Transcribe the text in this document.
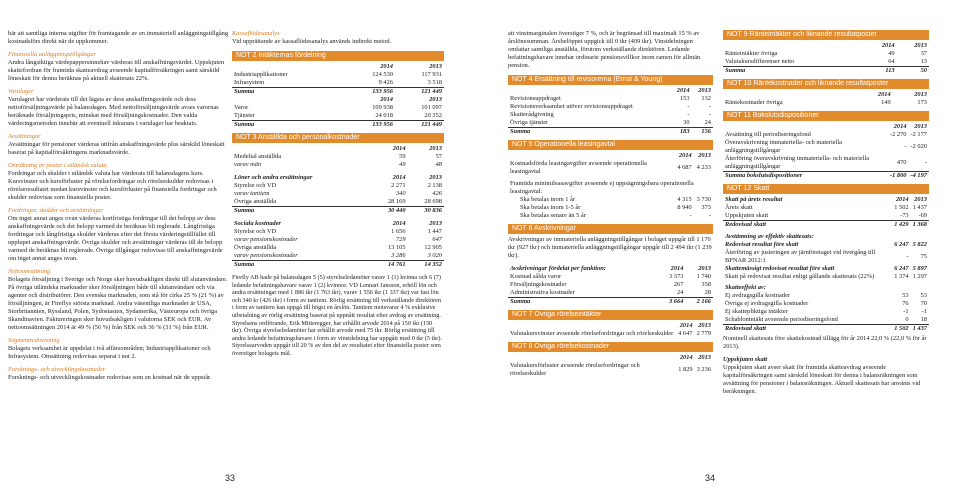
bär att samtliga interna utgifter för framtagande av en immateriell anläggningstillgång kostnadsförs direkt när de uppkommer.

Finansiella anläggningstillgångar

Andra långsiktiga värdepappersinnehav värderas till anskaffningsvärdet. Uppskjuten skattefordran för framtida skatteavdrag avseende kapitalförsäkringen samt särskild löneskatt för denna beräknas på aktuell skattesats 22%.

Varulager

Varulagret har värderats till det lägsta av dess anskaffningsvärde och dess nettoförsäljningsvärde på balansdagen. Med nettoförsäljningsvärde avses varornas beräknade försäljningspris, minskat med försäljningskostnader. Den valda värderingsmetoden innebär att eventuell inkurans i varulager har beaktats.

Avsättningar

Avsättningar för pensioner värderas utifrån anskaffningsvärde plus särskild löneskatt baserat på kapitalförsäkringens marknadsvärde.

Omräkning av poster i utländsk valuta

Fordringar och skulder i utländsk valuta har värderats till balansdagens kurs. Kursvinster och kursförluster på rörelsefordringar och rörelseskulder redovisas i rörelseresultatet medan kursvinster och kursförluster på finansiella fordringar och skulder redovisas som finansiella poster.

Fordringar, skulder och avsättningar

Om inget annat anges ovan värderas kortfristiga fordringar till det belopp av dess anskaffningsvärde och det belopp varmed de beräknas bli reglerade. Långfristiga fordringar och långfristiga skulder värderas efter det första värderingstillfället till upplupet anskaffningsvärde. Övriga skulder och avsättningar värderas till de belopp varmed de beräknas bli reglerade. Övriga tillgångar redovisas till anskaffningsvärde om inget annat anges ovan.

Nettoomsättning

Bolagets försäljning i Sverige och Norge sker huvudsakligen direkt till slutanvändare. På övriga utländska marknader sker försäljningen både till slutanvändare och via agenter och distributörer. Den svenska marknaden, som stå för cirka 25 % (21 %) av försäljningen, är Fireflys största marknad. Andra väsentliga marknader är USA, Storbritannien, Ryssland, Polen, Sydostasien, Sydamerika, Västeuropa och övriga Skandinavien. Faktureringen sker huvudsakligen i valutorna SEK och EUR. Av nettoomsättningen 2014 är 49 % (56 %) från SEK och 36 % (31 %) från EUR.

Segmentredovisning

Bolagets verksamhet är uppdelat i två affärsområden; Industriapplikationer och Infrasystem. Omsättning redovisas separat i not 2.

Forsknings- och utvecklingskostnader

Forsknings- och utvecklingskostnader redovisas som en kostnad när de uppstår.

Kassaflödesanalys

Vid upprättande av kassaflödesanalys används indirekt metod.

NOT 2 Intäkternas fördelning
	2014	2013
Industriapplikationer	124 530	117 931
Infrasystem	9 426	3 518
Summa	133 956	121 449
	2014	2013
Varor	109 938	101 097
Tjänster	24 018	20 352
Summa	133 956	121 449
NOT 3 Anställda och personalkostnader
	2014	2013
Medeltal anställda	59	57
varav män	49	48

Löner och andra ersättningar	2014	2013
Styrelse och VD	2 271	2 138
varav tantiem	340	426
Övriga anställda	28 169	28 698
Summa	30 440	30 836

Sociala kostnader	2014	2013
Styrelse och VD	1 656	1 447
varav pensionskostnader	729	647
Övriga anställda	13 105	12 905
varav pensionskostnader	3 286	3 020
Summa	14 761	14 352

Firefly AB hade på balansdagen 5 (5) styrelseledamöter varav 1 (1) kvinna och 6 (7) ledande befattningshavare varav 1 (2) kvinnor. VD Lennart Jansson, erhöll lön och andra ersättningar med 1 886 tkr (1 763 tkr), varav 1 556 tkr (1 337 tkr) var fast lön och 340 kr (426 tkr) i form av tantiem. Rörlig ersättning till verkställande direktören i form av tantiem kan uppgå till högst en årslön. Tantiem motsvarar 4 % exklusive utbetalning av rörlig ersättning baserat på uppnått resultat efter avdrag av ersättning. Styrelsens ordförande, Erik Mitteregger, har erhållit arvode 2014 på 150 tkr (150 tkr). Övriga styrelseledamöter har erhållit arvode med 75 tkr. Rörlig ersättning till andra ledande befattningshavare i form av vinstdelning har uppgått med 0 tkr (5 tkr). Styrelsearvoden uppgår till 20 % av den del av resultatet efter finansiella poster som överstiger bolagets mål.

33

att vinstmarginalen överstiger 7 %, och är begränsad till maximalt 15 % av årslönesumman. Ärsbelöppet uppgick till 0 tkr (409 tkr). Vinstdelningen omfattar samtliga anställda, förutom verkställande direktören. Ledande befattningshavare innehar ordinarie pensionsvillkor inom ramen för allmän pension.

NOT 4 Ersättning till revisorerna (Ernst & Young)
	2014	2013
Revisionsuppdraget	153	132
Revisionsverksamhet utöver revisionsuppdraget	-	-
Skatterådgivning	-	-
Övriga tjänster	30	24
Summa	183	156
NOT 5 Operationella leasingavtal
	2014	2013
Kostnadsförda leasingavgifter avseende operationella leasingavtal	4 687	4 233
Framtida minimileasavgifter avseende ej uppsägningsbara operationella leasingavtal:		
Ska betalas inom 1 år	4 315	3 730
Ska betalas inom 1-5 år	8 940	373
Ska betalas senare än 5 år	-	-
NOT 6 Avskrivningar

Avskrivningar av immateriella anläggningstillgångar i bolaget uppgår till 1 170 tkr (927 tkr) och immateriella anläggningstillgångar uppgår till 2 494 tkr (1 239 tkr).

Avskrivningar fördelat per funktion:	2014	2013
Kostnad sålda varor	3 373	1 740
Försäljningskostnader	267	358
Administrativa kostnader	24	28
Summa	3 664	2 166
NOT 7 Övriga rörelseintäkter
	2014	2013
Valutakursvinster avseende rörelsefordringar och rörelseskulder	4 647	2 779
NOT 8 Övriga rörelsekostnader
	2014	2013
Valutakursförluster avseende rörelsefordringar och rörelseskulder	1 829	3 236
NOT 9 Ränteintäkter och liknande resultatposter
	2014	2013
Ränteintäkter övriga	49	37
Valutakursdifferenser netto	64	13
Summa	113	50
NOT 10 Räntekostnader och liknande resultatposter
	2014	2013
Räntekostnader övriga	149	173
NOT 11 Bokslutsdispositioner
	2014	2013
Avsättning till periodiseringsfond	-2 270	-2 177
Överavskrivning immateriella- och materiella anläggningstillgångar	-	-2 020
Återföring överavskrivning immateriella- och materiella anläggningstillgångar	470	-
Summa bokslutsdispositioner	-1 800	-4 197
NOT 12 Skatt
Skatt på årets resultat	2014	2013
Årets skatt	1 502	1 437
Uppskjuten skatt	-73	-69
Redovisad skatt	1 429	1 368

Avstämning av effektiv skattesats:		
Redovisat resultat före skatt	6 247	5 822
Återföring av justeringen av järnföretaget vid övergång till BFNAR 2012:1	-	75
Skattemässigt redovisat resultat före skatt	6 247	5 897
Skatt på redovisat resultat enligt gällande skattesats (22%)	1 374	1 297

Skatteeffekt av:		
Ej avdragsgilla kostnader	53	53
Övriga ej avdragsgilla kostnader	76	70
Ej skattepliktiga intäkter	-1	-1
Schablonintäkt avseende periodiseringsfond	0	18
Redovisad skatt	1 502	1 437

Nominell skattesats före skattekostnad tillägg för år 2014 22,0 % (22,0 % för år 2013).

Uppskjuten skatt

Uppskjuten skatt avser skatt för framtida skatteavdrag avseende kapitalförsäkringen samt särskild löneskatt för denna i balansräkningen som avsättning för pensioner i balansräkningen. Aktuell skattesats har använts vid beräkningen.

34
